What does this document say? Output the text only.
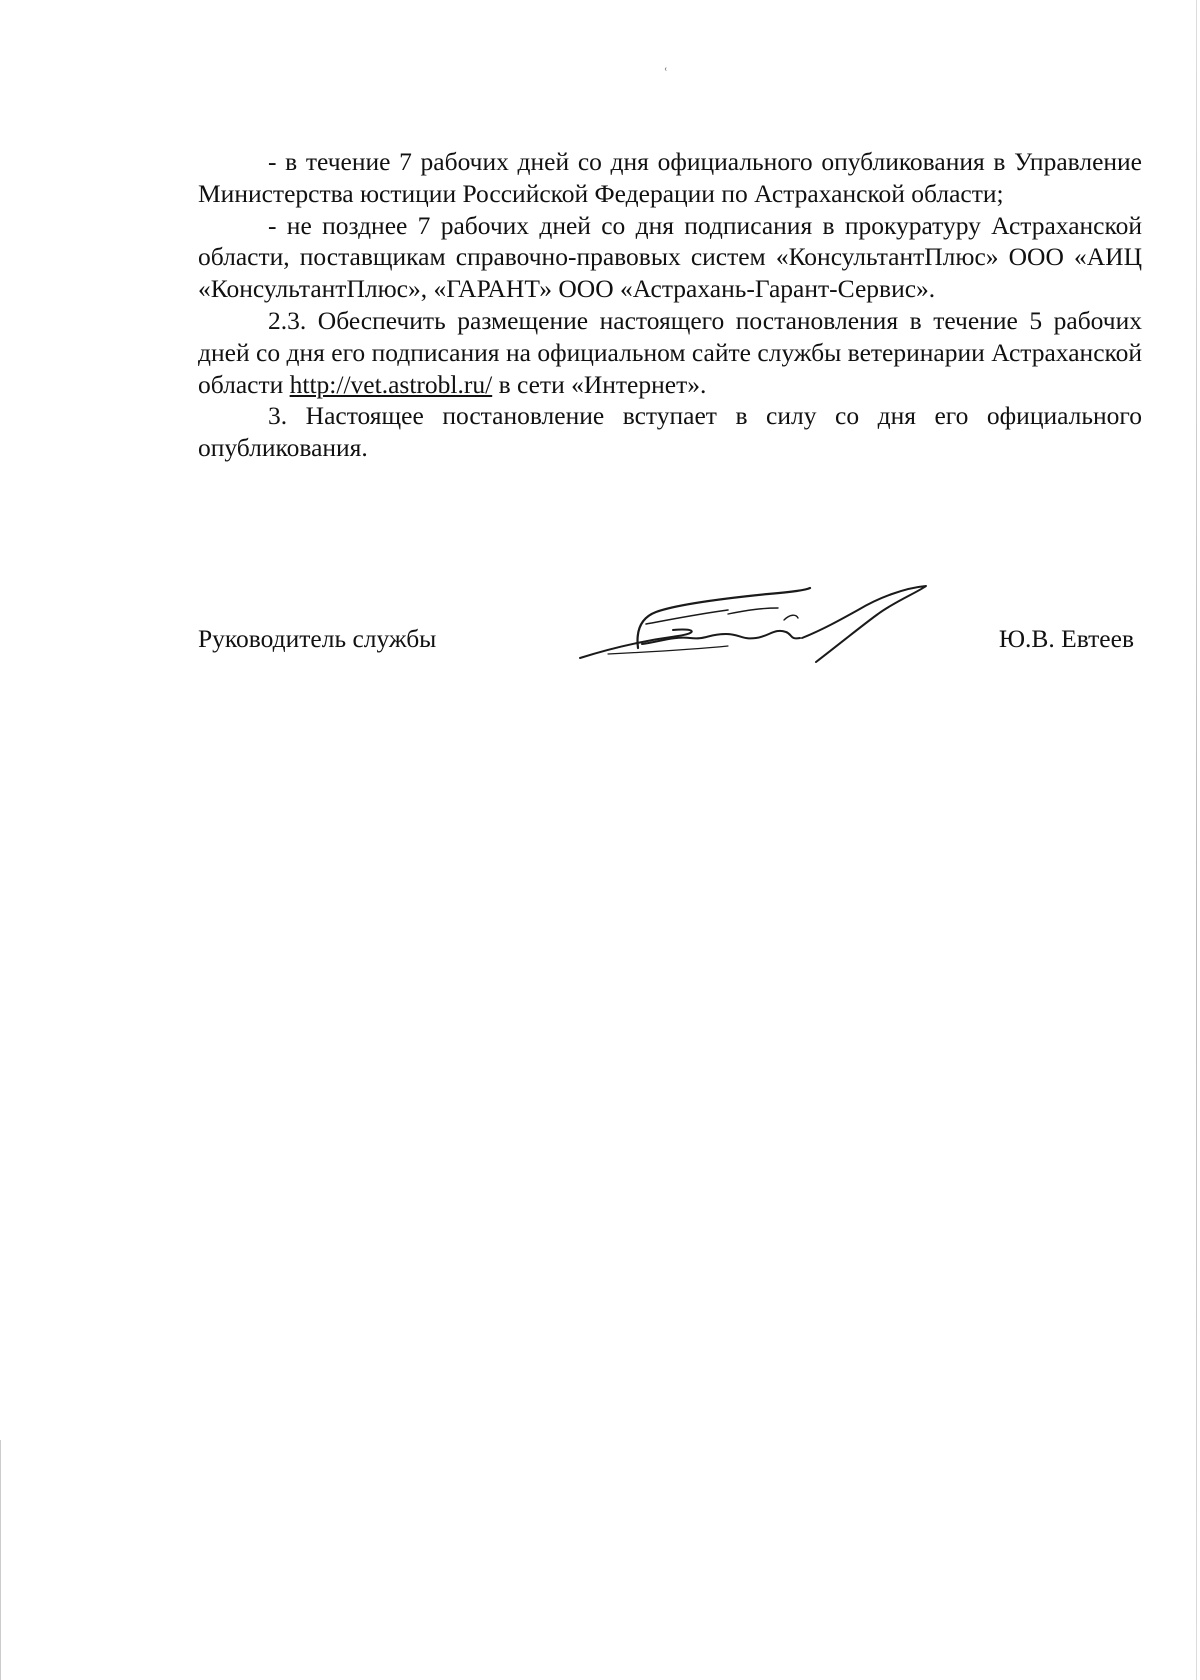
ʿ

- в течение 7 рабочих дней со дня официального опубликования в Управление Министерства юстиции Российской Федерации по Астраханской области;

- не позднее 7 рабочих дней со дня подписания в прокуратуру Астраханской области, поставщикам справочно-правовых систем «КонсультантПлюс» ООО «АИЦ «КонсультантПлюс», «ГАРАНТ» ООО «Астрахань-Гарант-Сервис».

2.3. Обеспечить размещение настоящего постановления в течение 5 рабочих дней со дня его подписания на официальном сайте службы ветеринарии Астраханской области http://vet.astrobl.ru/ в сети «Интернет».

3. Настоящее постановление вступает в силу со дня его официального опубликования.

Руководитель службы	Ю.В. Евтеев
